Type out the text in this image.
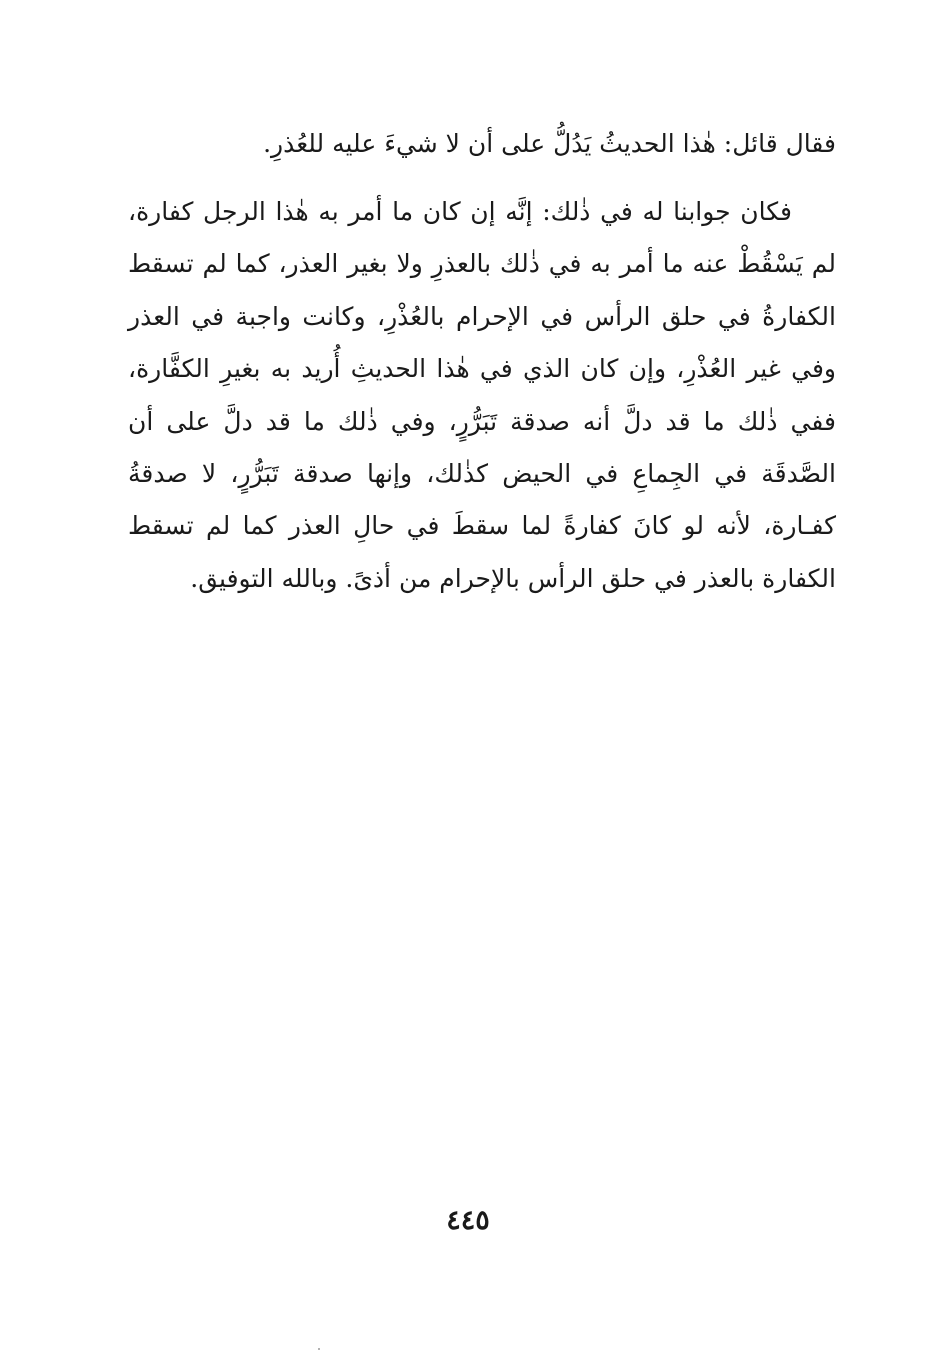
فقال قائل: هٰذا الحديثُ يَدُلُّ على أن لا شيءَ عليه للعُذرِ.
فكان جوابنا له في ذٰلك: إنَّه إن كان ما أمر به هٰذا الرجل كفارة،
لم يَسْقُطْ عنه ما أمر به في ذٰلك بالعذرِ ولا بغير العذر، كما لم تسقط
الكفارةُ في حلق الرأس في الإحرام بالعُذْرِ، وكانت واجبة في العذر
وفي غير العُذْرِ، وإن كان الذي في هٰذا الحديثِ أُريد به بغيرِ الكفَّارة،
ففي ذٰلك ما قد دلَّ أنه صدقة تَبَرُّرٍ، وفي ذٰلك ما قد دلَّ على أن
الصَّدقَة في الجِماعِ في الحيض كذٰلك، وإنها صدقة تَبَرُّرٍ، لا صدقةُ
كفـارة، لأنه لو كانَ كفارةً لما سقطَ في حالِ العذر كما لم تسقط
الكفارة بالعذر في حلق الرأس بالإحرام من أذىً. وبالله التوفيق.
٤٤٥
